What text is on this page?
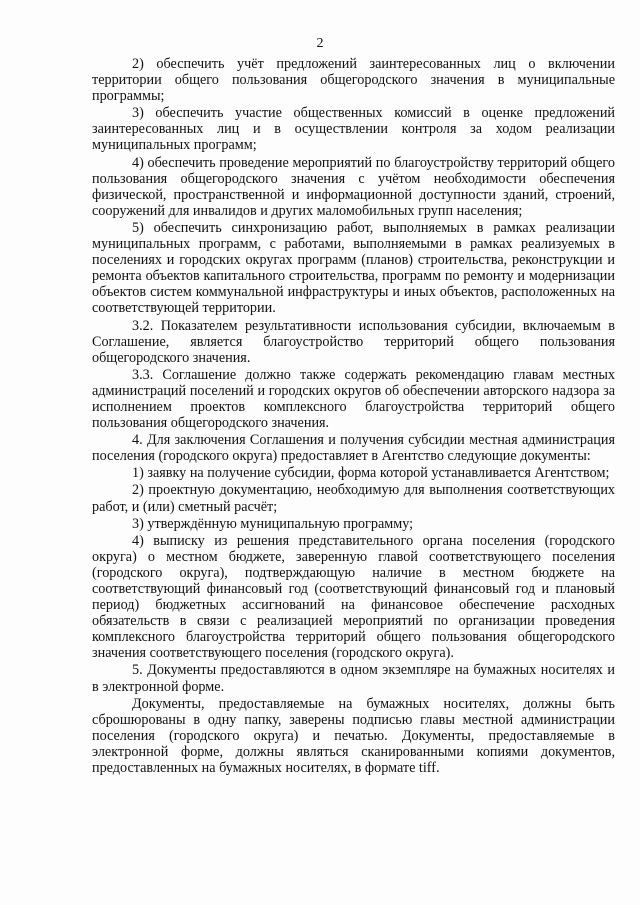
2

2) обеспечить учёт предложений заинтересованных лиц о включении территории общего пользования общегородского значения в муниципальные программы;

3) обеспечить участие общественных комиссий в оценке предложений заинтересованных лиц и в осуществлении контроля за ходом реализации муниципальных программ;

4) обеспечить проведение мероприятий по благоустройству территорий общего пользования общегородского значения с учётом необходимости обеспечения физической, пространственной и информационной доступности зданий, строений, сооружений для инвалидов и других маломобильных групп населения;

5) обеспечить синхронизацию работ, выполняемых в рамках реализации муниципальных программ, с работами, выполняемыми в рамках реализуемых в поселениях и городских округах программ (планов) строительства, реконструкции и ремонта объектов капитального строительства, программ по ремонту и модернизации объектов систем коммунальной инфраструктуры и иных объектов, расположенных на соответствующей территории.

3.2. Показателем результативности использования субсидии, включаемым в Соглашение, является благоустройство территорий общего пользования общегородского значения.

3.3. Соглашение должно также содержать рекомендацию главам местных администраций поселений и городских округов об обеспечении авторского надзора за исполнением проектов комплексного благоустройства территорий общего пользования общегородского значения.

4. Для заключения Соглашения и получения субсидии местная администрация поселения (городского округа) предоставляет в Агентство следующие документы:

1) заявку на получение субсидии, форма которой устанавливается Агентством;

2) проектную документацию, необходимую для выполнения соответствующих работ, и (или) сметный расчёт;

3) утверждённую муниципальную программу;

4) выписку из решения представительного органа поселения (городского округа) о местном бюджете, заверенную главой соответствующего поселения (городского округа), подтверждающую наличие в местном бюджете на соответствующий финансовый год (соответствующий финансовый год и плановый период) бюджетных ассигнований на финансовое обеспечение расходных обязательств в связи с реализацией мероприятий по организации проведения комплексного благоустройства территорий общего пользования общегородского значения соответствующего поселения (городского округа).

5. Документы предоставляются в одном экземпляре на бумажных носителях и в электронной форме.

Документы, предоставляемые на бумажных носителях, должны быть сброшюрованы в одну папку, заверены подписью главы местной администрации поселения (городского округа) и печатью. Документы, предоставляемые в электронной форме, должны являться сканированными копиями документов, предоставленных на бумажных носителях, в формате tiff.
